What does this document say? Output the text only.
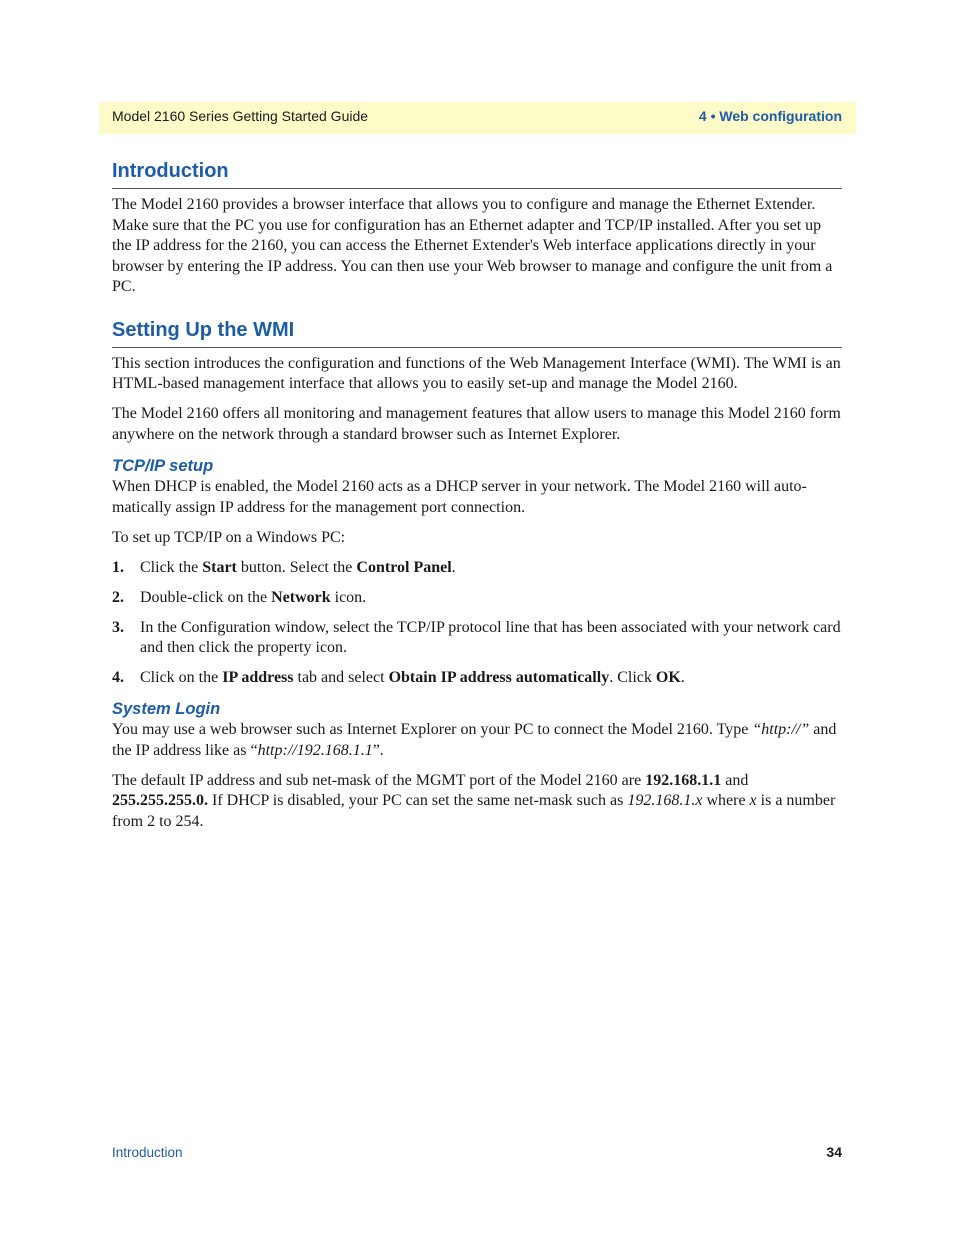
Model 2160 Series Getting Started Guide	4 • Web configuration
Introduction

The Model 2160 provides a browser interface that allows you to configure and manage the Ethernet Extender. Make sure that the PC you use for configuration has an Ethernet adapter and TCP/IP installed. After you set up the IP address for the 2160, you can access the Ethernet Extender's Web interface applications directly in your browser by entering the IP address. You can then use your Web browser to manage and configure the unit from a PC.

Setting Up the WMI

This section introduces the configuration and functions of the Web Management Interface (WMI). The WMI is an HTML-based management interface that allows you to easily set-up and manage the Model 2160.

The Model 2160 offers all monitoring and management features that allow users to manage this Model 2160 form anywhere on the network through a standard browser such as Internet Explorer.

TCP/IP setup

When DHCP is enabled, the Model 2160 acts as a DHCP server in your network. The Model 2160 will auto-matically assign IP address for the management port connection.

To set up TCP/IP on a Windows PC:

1. Click the Start button. Select the Control Panel.
2. Double-click on the Network icon.
3. In the Configuration window, select the TCP/IP protocol line that has been associated with your network card and then click the property icon.
4. Click on the IP address tab and select Obtain IP address automatically. Click OK.
System Login

You may use a web browser such as Internet Explorer on your PC to connect the Model 2160. Type “http://” and the IP address like as “http://192.168.1.1”.

The default IP address and sub net-mask of the MGMT port of the Model 2160 are 192.168.1.1 and 255.255.255.0. If DHCP is disabled, your PC can set the same net-mask such as 192.168.1.x where x is a number from 2 to 254.

Introduction	34
